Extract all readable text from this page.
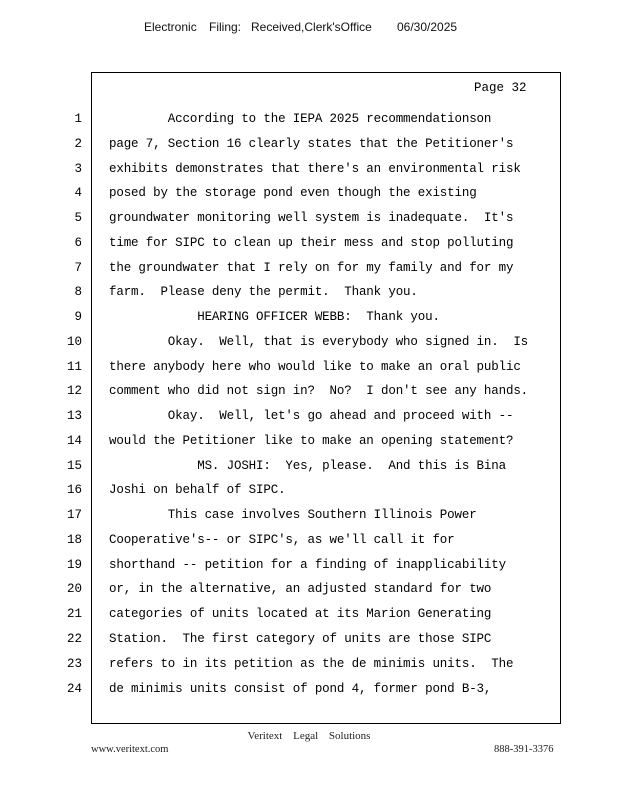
Electronic Filing: Received,Clerk'sOffice 06/30/2025
Page 32
1 According to the IEPA 2025 recommendationson
2 page 7, Section 16 clearly states that the Petitioner's
3 exhibits demonstrates that there's an environmental risk
4 posed by the storage pond even though the existing
5 groundwater monitoring well system is inadequate.  It's
6 time for SIPC to clean up their mess and stop polluting
7 the groundwater that I rely on for my family and for my
8 farm.  Please deny the permit.  Thank you.
9 HEARING OFFICER WEBB:  Thank you.
10 Okay.  Well, that is everybody who signed in.  Is
11 there anybody here who would like to make an oral public
12 comment who did not sign in?  No?  I don't see any hands.
13 Okay.  Well, let's go ahead and proceed with --
14 would the Petitioner like to make an opening statement?
15 MS. JOSHI:  Yes, please.  And this is Bina
16 Joshi on behalf of SIPC.
17 This case involves Southern Illinois Power
18 Cooperative's-- or SIPC's, as we'll call it for
19 shorthand -- petition for a finding of inapplicability
20 or, in the alternative, an adjusted standard for two
21 categories of units located at its Marion Generating
22 Station.  The first category of units are those SIPC
23 refers to in its petition as the de minimis units.  The
24 de minimis units consist of pond 4, former pond B-3,
Veritext Legal Solutions
www.veritext.com	888-391-3376
